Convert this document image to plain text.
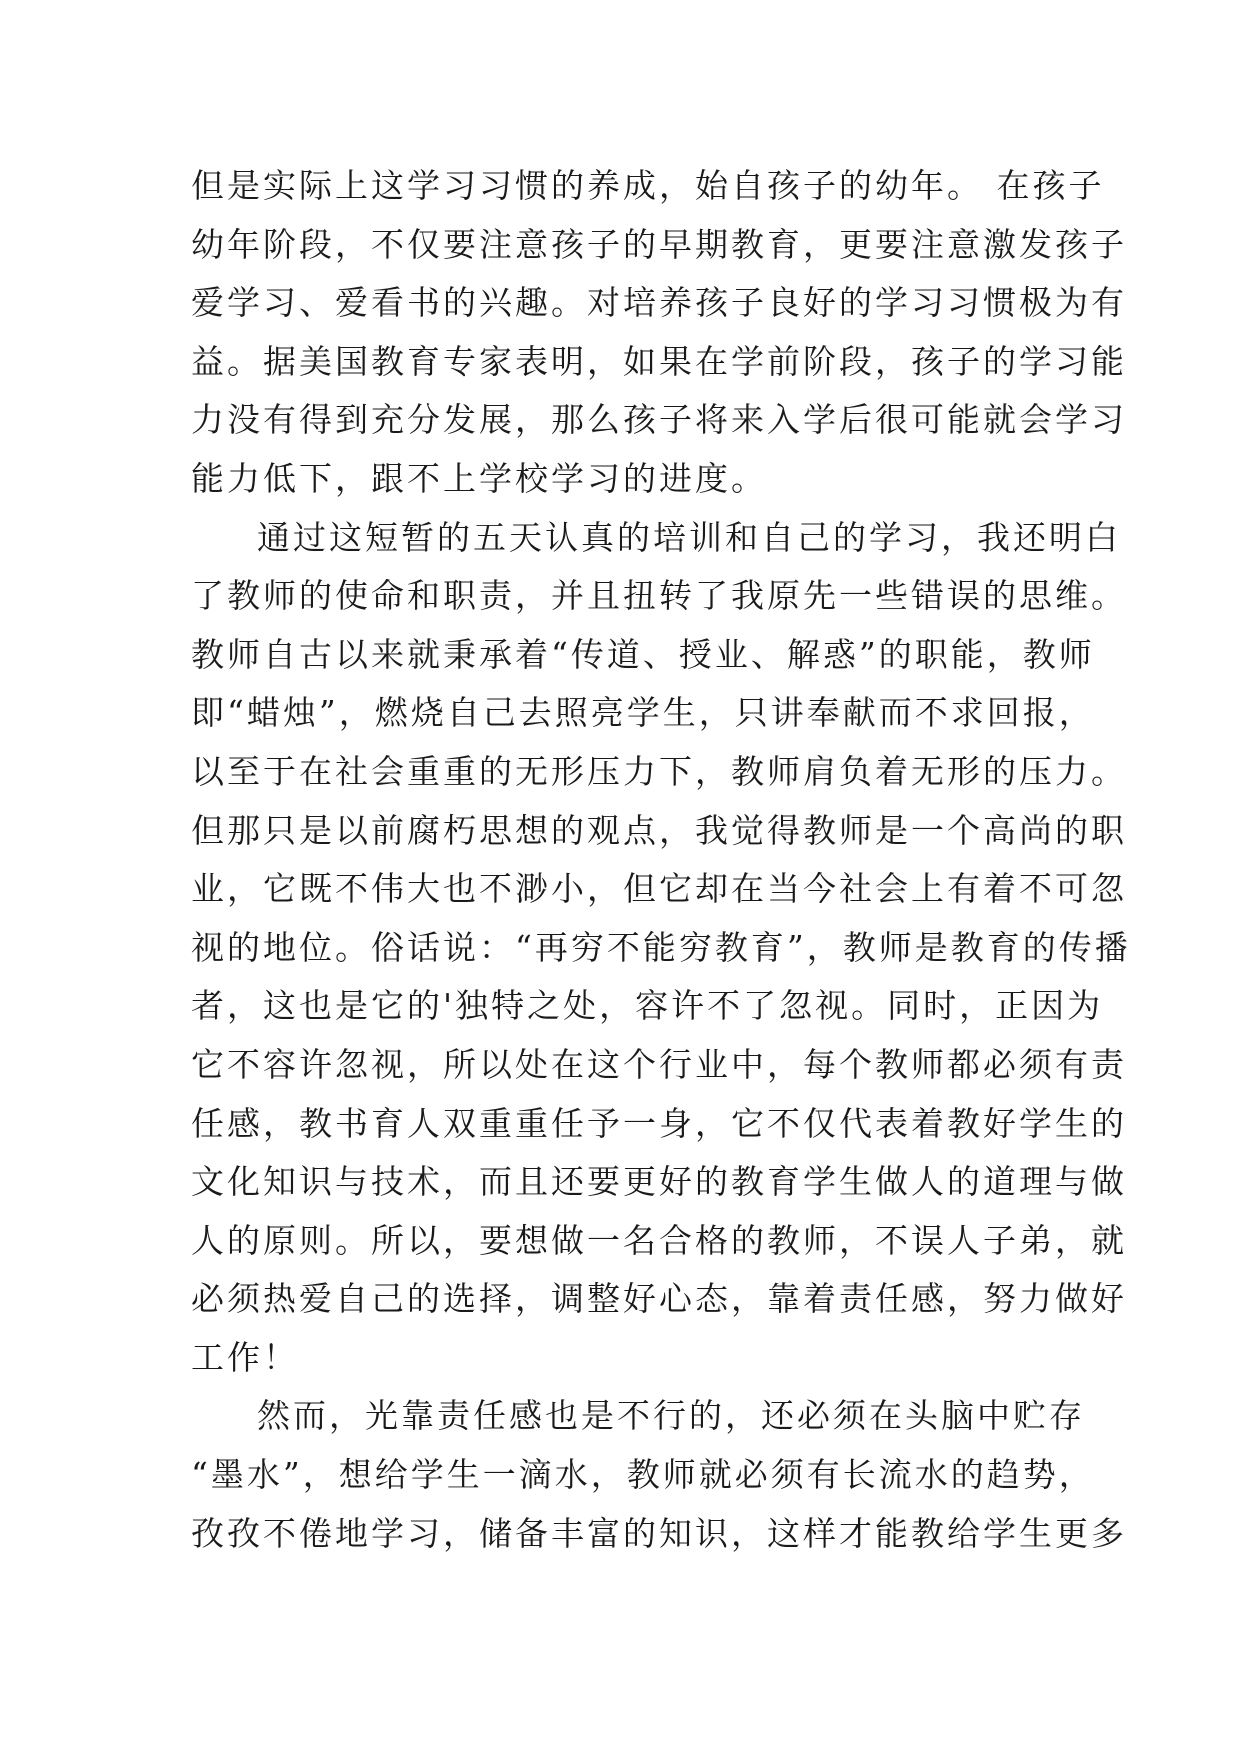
但是实际上这学习习惯的养成，始自孩子的幼年。 在孩子
幼年阶段，不仅要注意孩子的早期教育，更要注意激发孩子
爱学习、爱看书的兴趣。对培养孩子良好的学习习惯极为有
益。据美国教育专家表明，如果在学前阶段，孩子的学习能
力没有得到充分发展，那么孩子将来入学后很可能就会学习
能力低下，跟不上学校学习的进度。
通过这短暂的五天认真的培训和自己的学习，我还明白
了教师的使命和职责，并且扭转了我原先一些错误的思维。
教师自古以来就秉承着“传道、授业、解惑”的职能，教师
即“蜡烛”，燃烧自己去照亮学生，只讲奉献而不求回报，
以至于在社会重重的无形压力下，教师肩负着无形的压力。
但那只是以前腐朽思想的观点，我觉得教师是一个高尚的职
业，它既不伟大也不渺小，但它却在当今社会上有着不可忽
视的地位。俗话说：“再穷不能穷教育”，教师是教育的传播
者，这也是它的'独特之处，容许不了忽视。同时，正因为
它不容许忽视，所以处在这个行业中，每个教师都必须有责
任感，教书育人双重重任予一身，它不仅代表着教好学生的
文化知识与技术，而且还要更好的教育学生做人的道理与做
人的原则。所以，要想做一名合格的教师，不误人子弟，就
必须热爱自己的选择，调整好心态，靠着责任感，努力做好
工作！
然而，光靠责任感也是不行的，还必须在头脑中贮存
“墨水”，想给学生一滴水，教师就必须有长流水的趋势，
孜孜不倦地学习，储备丰富的知识，这样才能教给学生更多
